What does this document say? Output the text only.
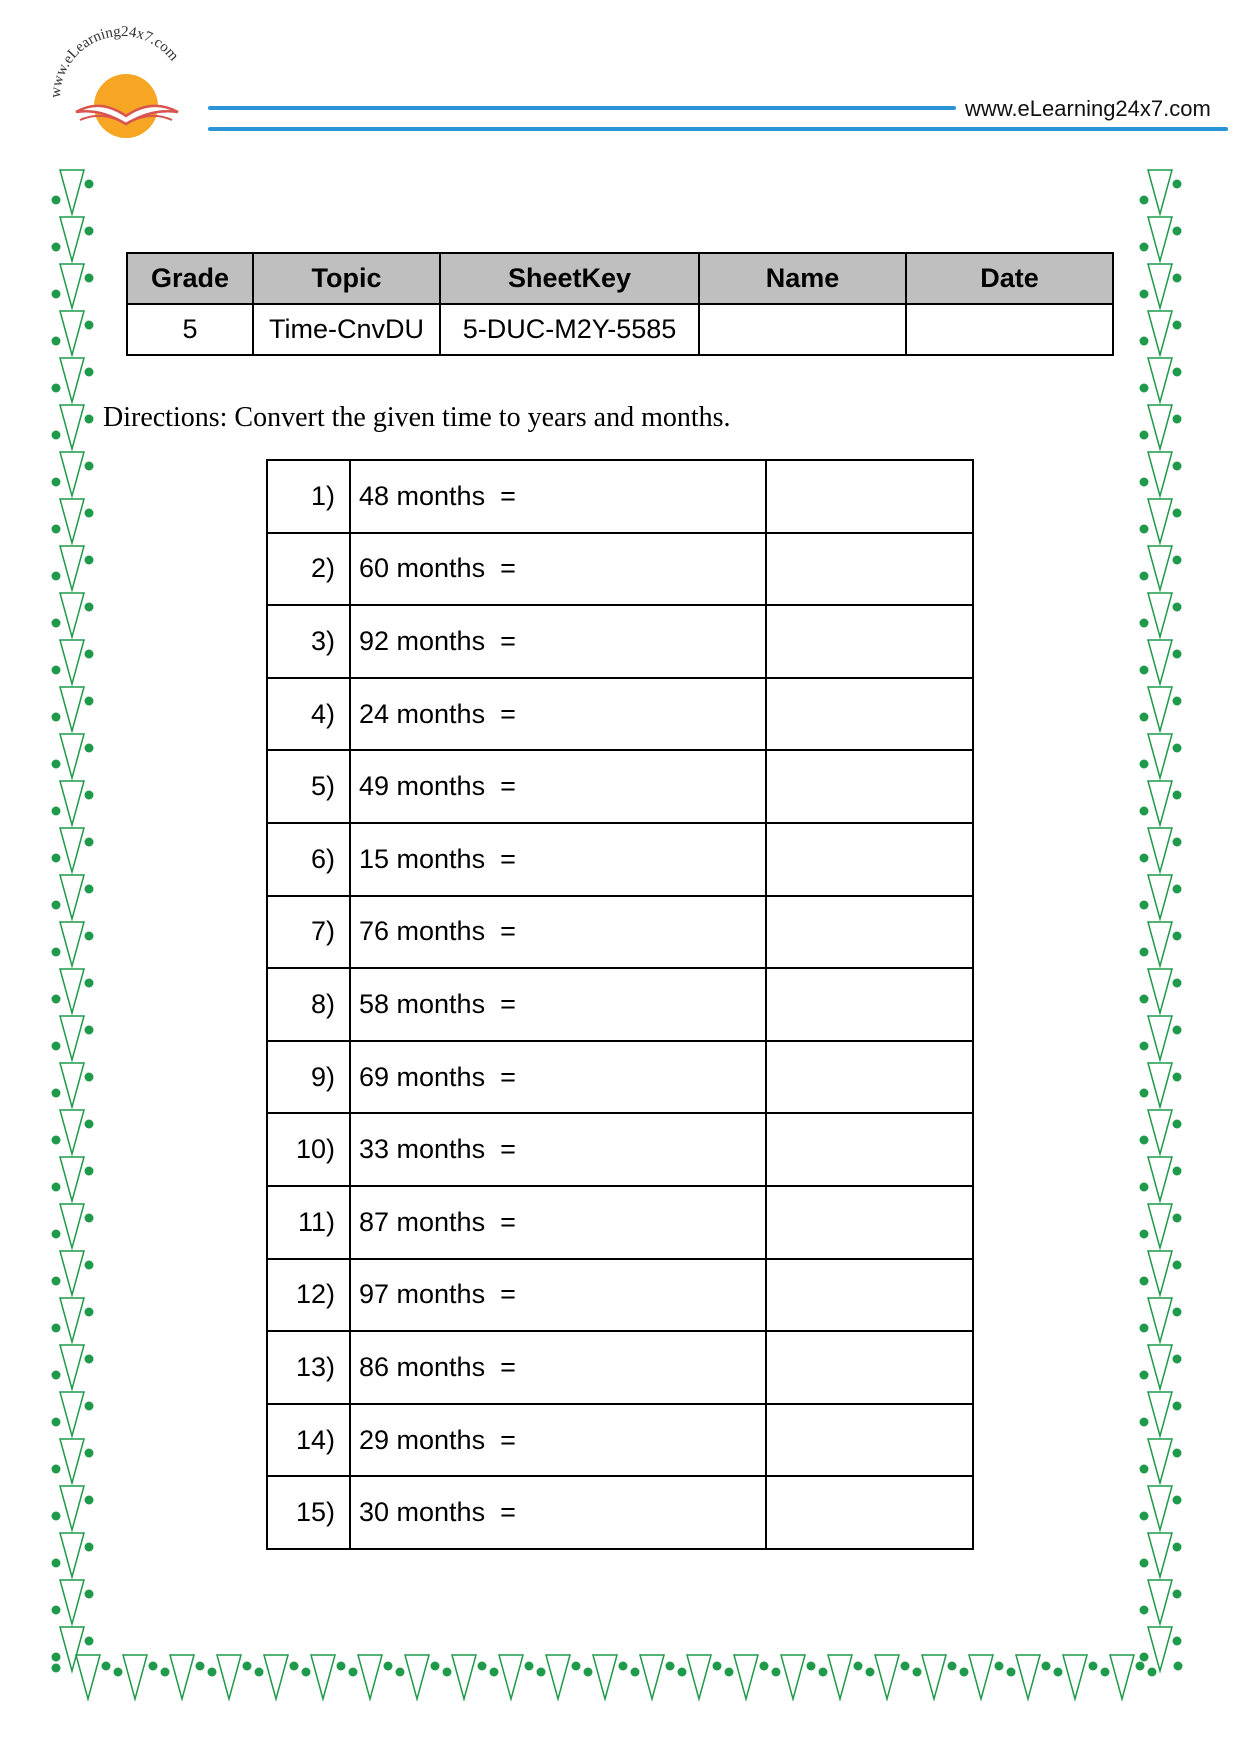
www.eLearning24x7.com
www.eLearning24x7.com
Grade	Topic	SheetKey	Name	Date
5	Time-CnvDU	5-DUC-M2Y-5585		
Directions: Convert the given time to years and months.
1)	48 months  =	
2)	60 months  =	
3)	92 months  =	
4)	24 months  =	
5)	49 months  =	
6)	15 months  =	
7)	76 months  =	
8)	58 months  =	
9)	69 months  =	
10)	33 months  =	
11)	87 months  =	
12)	97 months  =	
13)	86 months  =	
14)	29 months  =	
15)	30 months  =	
